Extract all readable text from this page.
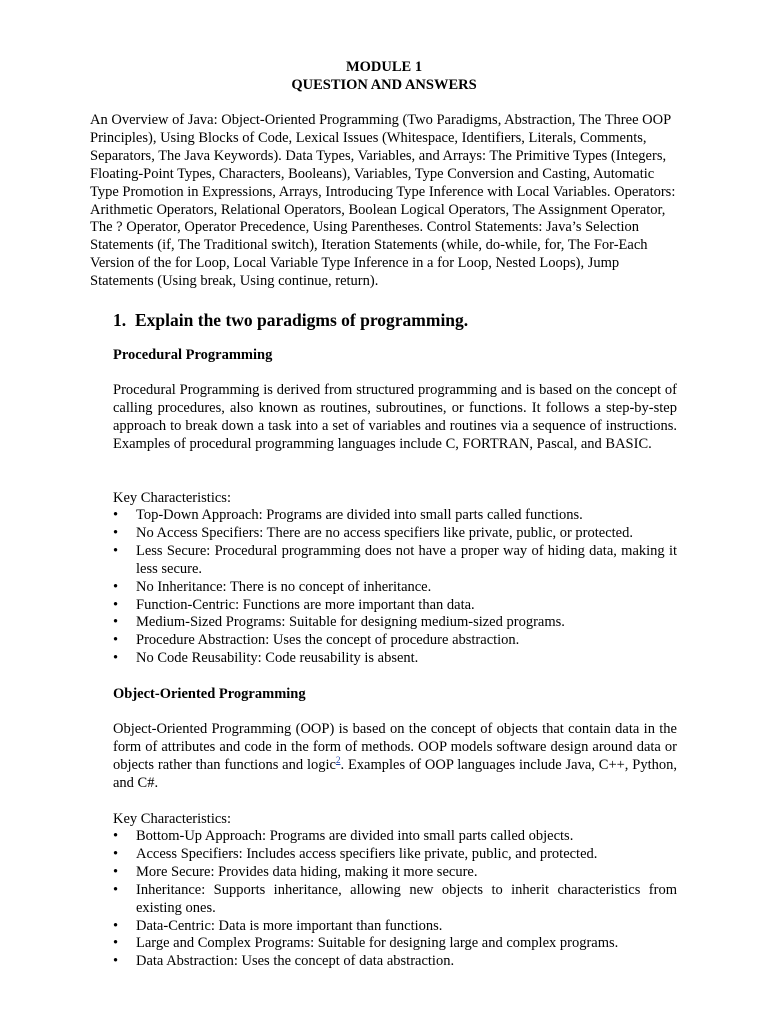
MODULE 1
QUESTION AND ANSWERS
An Overview of Java: Object-Oriented Programming (Two Paradigms, Abstraction, The Three OOP Principles), Using Blocks of Code, Lexical Issues (Whitespace, Identifiers, Literals, Comments, Separators, The Java Keywords). Data Types, Variables, and Arrays: The Primitive Types (Integers, Floating-Point Types, Characters, Booleans), Variables, Type Conversion and Casting, Automatic Type Promotion in Expressions, Arrays, Introducing Type Inference with Local Variables. Operators: Arithmetic Operators, Relational Operators, Boolean Logical Operators, The Assignment Operator, The ? Operator, Operator Precedence, Using Parentheses. Control Statements: Java’s Selection Statements (if, The Traditional switch), Iteration Statements (while, do-while, for, The For-Each Version of the for Loop, Local Variable Type Inference in a for Loop, Nested Loops), Jump Statements (Using break, Using continue, return).
1. Explain the two paradigms of programming.
Procedural Programming
Procedural Programming is derived from structured programming and is based on the concept of calling procedures, also known as routines, subroutines, or functions. It follows a step-by-step approach to break down a task into a set of variables and routines via a sequence of instructions. Examples of procedural programming languages include C, FORTRAN, Pascal, and BASIC.
Key Characteristics:
•	Top-Down Approach: Programs are divided into small parts called functions.
•	No Access Specifiers: There are no access specifiers like private, public, or protected.
•	Less Secure: Procedural programming does not have a proper way of hiding data, making it less secure.
•	No Inheritance: There is no concept of inheritance.
•	Function-Centric: Functions are more important than data.
•	Medium-Sized Programs: Suitable for designing medium-sized programs.
•	Procedure Abstraction: Uses the concept of procedure abstraction.
•	No Code Reusability: Code reusability is absent.
Object-Oriented Programming
Object-Oriented Programming (OOP) is based on the concept of objects that contain data in the form of attributes and code in the form of methods. OOP models software design around data or objects rather than functions and logic$^2$. Examples of OOP languages include Java, C++, Python, and C#.
Key Characteristics:
•	Bottom-Up Approach: Programs are divided into small parts called objects.
•	Access Specifiers: Includes access specifiers like private, public, and protected.
•	More Secure: Provides data hiding, making it more secure.
•	Inheritance: Supports inheritance, allowing new objects to inherit characteristics from existing ones.
•	Data-Centric: Data is more important than functions.
•	Large and Complex Programs: Suitable for designing large and complex programs.
•	Data Abstraction: Uses the concept of data abstraction.
